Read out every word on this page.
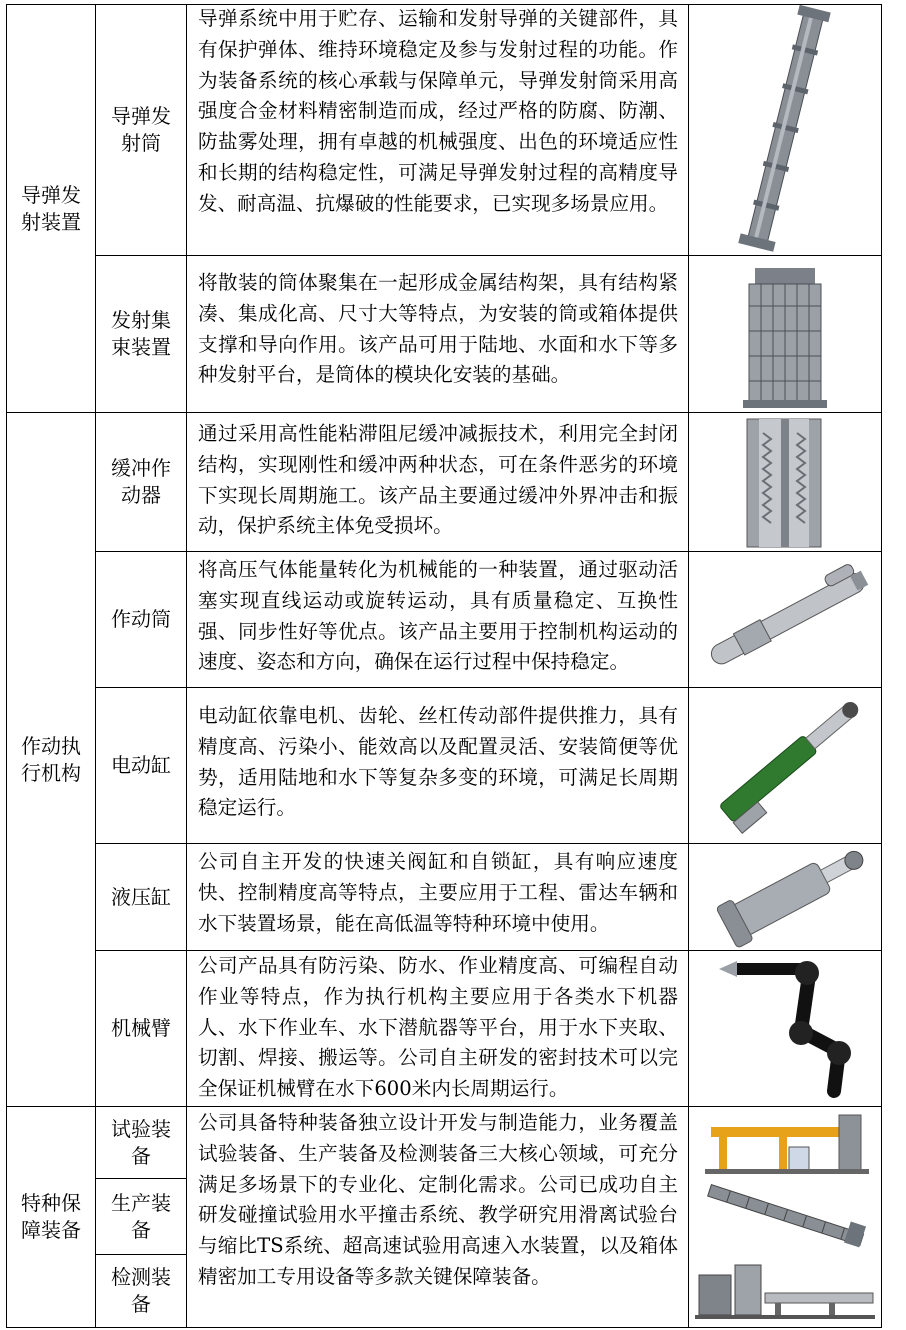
导弹发
射装置
作动执
行机构
特种保
障装备
导弹发
射筒
发射集
束装置
缓冲作
动器
作动筒
电动缸
液压缸
机械臂
试验装
备
生产装
备
检测装
备
导弹系统中用于贮存、运输和发射导弹的关键部件，具有保护弹体、维持环境稳定及参与发射过程的功能。作为装备系统的核心承载与保障单元，导弹发射筒采用高强度合金材料精密制造而成，经过严格的防腐、防潮、防盐雾处理，拥有卓越的机械强度、出色的环境适应性和长期的结构稳定性，可满足导弹发射过程的高精度导发、耐高温、抗爆破的性能要求，已实现多场景应用。
将散装的筒体聚集在一起形成金属结构架，具有结构紧凑、集成化高、尺寸大等特点，为安装的筒或箱体提供支撑和导向作用。该产品可用于陆地、水面和水下等多种发射平台，是筒体的模块化安装的基础。
通过采用高性能粘滞阻尼缓冲减振技术，利用完全封闭结构，实现刚性和缓冲两种状态，可在条件恶劣的环境下实现长周期施工。该产品主要通过缓冲外界冲击和振动，保护系统主体免受损坏。
将高压气体能量转化为机械能的一种装置，通过驱动活塞实现直线运动或旋转运动，具有质量稳定、互换性强、同步性好等优点。该产品主要用于控制机构运动的速度、姿态和方向，确保在运行过程中保持稳定。
电动缸依靠电机、齿轮、丝杠传动部件提供推力，具有精度高、污染小、能效高以及配置灵活、安装简便等优势，适用陆地和水下等复杂多变的环境，可满足长周期稳定运行。
公司自主开发的快速关阀缸和自锁缸，具有响应速度快、控制精度高等特点，主要应用于工程、雷达车辆和水下装置场景，能在高低温等特种环境中使用。
公司产品具有防污染、防水、作业精度高、可编程自动作业等特点，作为执行机构主要应用于各类水下机器人、水下作业车、水下潜航器等平台，用于水下夹取、切割、焊接、搬运等。公司自主研发的密封技术可以完全保证机械臂在水下600米内长周期运行。
公司具备特种装备独立设计开发与制造能力，业务覆盖试验装备、生产装备及检测装备三大核心领域，可充分满足多场景下的专业化、定制化需求。公司已成功自主研发碰撞试验用水平撞击系统、教学研究用滑离试验台与缩比TS系统、超高速试验用高速入水装置，以及箱体精密加工专用设备等多款关键保障装备。
